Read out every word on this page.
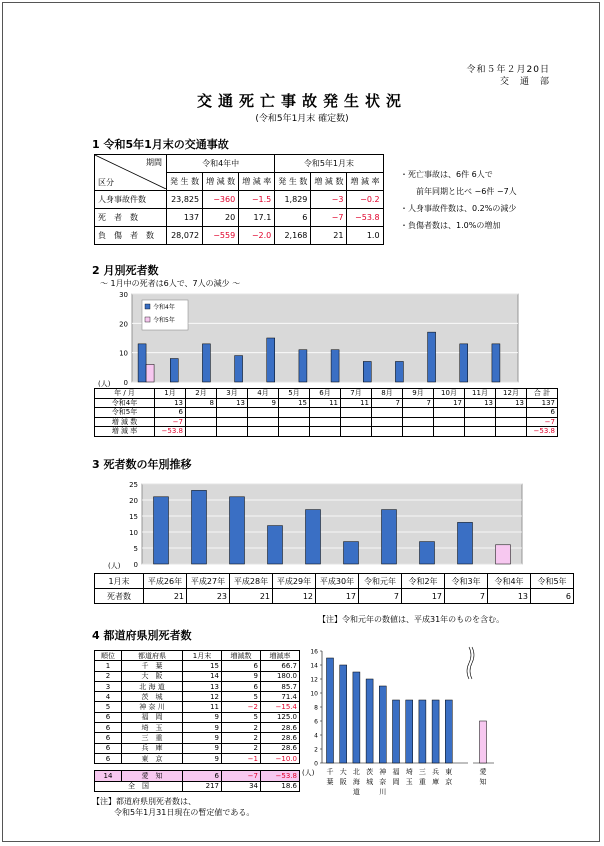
令和５年２月20日
交　通　部
交通死亡事故発生状況
(令和5年1月末 確定数)
1 令和5年1月末の交通事故
期間
区分	令和4年中			令和5年1月末		
	発 生 数	増 減 数	増 減 率	発 生 数	増 減 数	増 減 率
人身事故件数	23,825	−360	−1.5	1,829	−3	−0.2
死　者　数	137	20	17.1	6	−7	−53.8
負　傷　者　数	28,072	−559	−2.0	2,168	21	1.0
・死亡事故は、6件 6人で
前年同期と比べ −6件 −7人
・人身事故件数は、0.2%の減少
・負傷者数は、1.0%の増加
2 月別死者数
〜 1月中の死者は6人で、7人の減少 〜
0
10
20
30
令和4年
令和5年
(人)
年 / 月	1月	2月	3月	4月	5月	6月	7月	8月	9月	10月	11月	12月	合 計
令和4年	13	8	13	9	15	11	11	7	7	17	13	13	137
令和5年	6												6
増 減 数	−7												−7
増 減 率	−53.8												−53.8
3 死者数の年別推移
0
5
10
15
20
25
(人)
1月末	平成26年	平成27年	平成28年	平成29年	平成30年	令和元年	令和2年	令和3年	令和4年	令和5年
死者数	21	23	21	12	17	7	17	7	13	6
【注】令和元年の数値は、平成31年のものを含む。
4 都道府県別死者数
順位	都道府県	1月末	増減数	増減率
1	千　葉	15	6	66.7
2	大　阪	14	9	180.0
3	北 海 道	13	6	85.7
4	茨　城	12	5	71.4
5	神 奈 川	11	−2	−15.4
6	福　岡	9	5	125.0
6	埼　玉	9	2	28.6
6	三　重	9	2	28.6
6	兵　庫	9	2	28.6
6	東　京	9	−1	−10.0

14	愛　知	6	−7	−53.8
全　国		217	34	18.6
【注】都道府県別死者数は、
令和5年1月31日現在の暫定値である。
0
2
4
6
8
10
12
14
16
千
葉
大
阪
北
海
道
茨
城
神
奈
川
福
岡
埼
玉
三
重
兵
庫
東
京
愛
知
(人)
